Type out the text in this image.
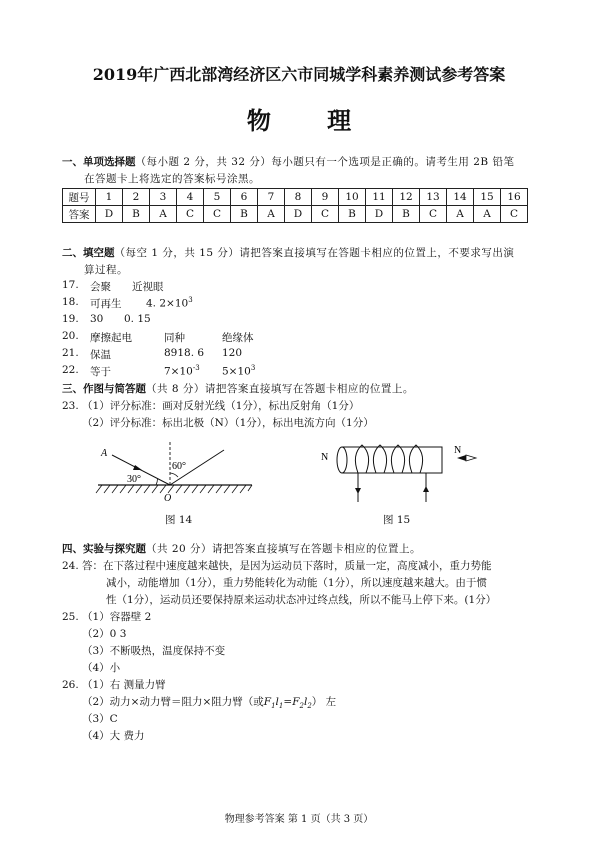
2019年广西北部湾经济区六市同城学科素养测试参考答案
物 理
一、单项选择题（每小题 2 分，共 32 分）每小题只有一个选项是正确的。请考生用 2B 铅笔
在答题卡上将选定的答案标号涂黑。
题号	1	2	3	4	5	6	7	8	9	10	11	12	13	14	15	16
答案	D	B	A	C	C	B	A	D	C	B	D	B	C	A	A	C
二、填空题（每空 1 分，共 15 分）请把答案直接填写在答题卡相应的位置上，不要求写出演
算过程。
17. 会聚 近视眼
18. 可再生 4. $2\times 10^3$
19. 30 0. 15
20. 摩擦起电	同种	绝缘体
21. 保温	8918. 6 120
22. 等于	$7\times 10^{-3}$ $5\times 10^3$
三、作图与简答题（共 8 分）请把答案直接填写在答题卡相应的位置上。
23. （1）评分标准：画对反射光线（1分），标出反射角（1分）
（2）评分标准：标出北极（N）（1分），标出电流方向（1分）
A
30°
60°
O
图 14
N
N
图 15
四、实验与探究题（共 20 分）请把答案直接填写在答题卡相应的位置上。
24. 答：在下落过程中速度越来越快，是因为运动员下落时，质量一定，高度减小，重力势能
减小，动能增加（1分），重力势能转化为动能（1分），所以速度越来越大。由于惯
性（1分），运动员还要保持原来运动状态冲过终点线，所以不能马上停下来。(1分）
25. （1）容器壁 2
（2）0 3
（3）不断吸热，温度保持不变
（4）小
26. （1）右 测量力臂
（2）动力×动力臂＝阻力×阻力臂（或$F_1l_1=F_2l_2$） 左
（3）C
（4）大 费力
物理参考答案 第 1 页（共 3 页）
